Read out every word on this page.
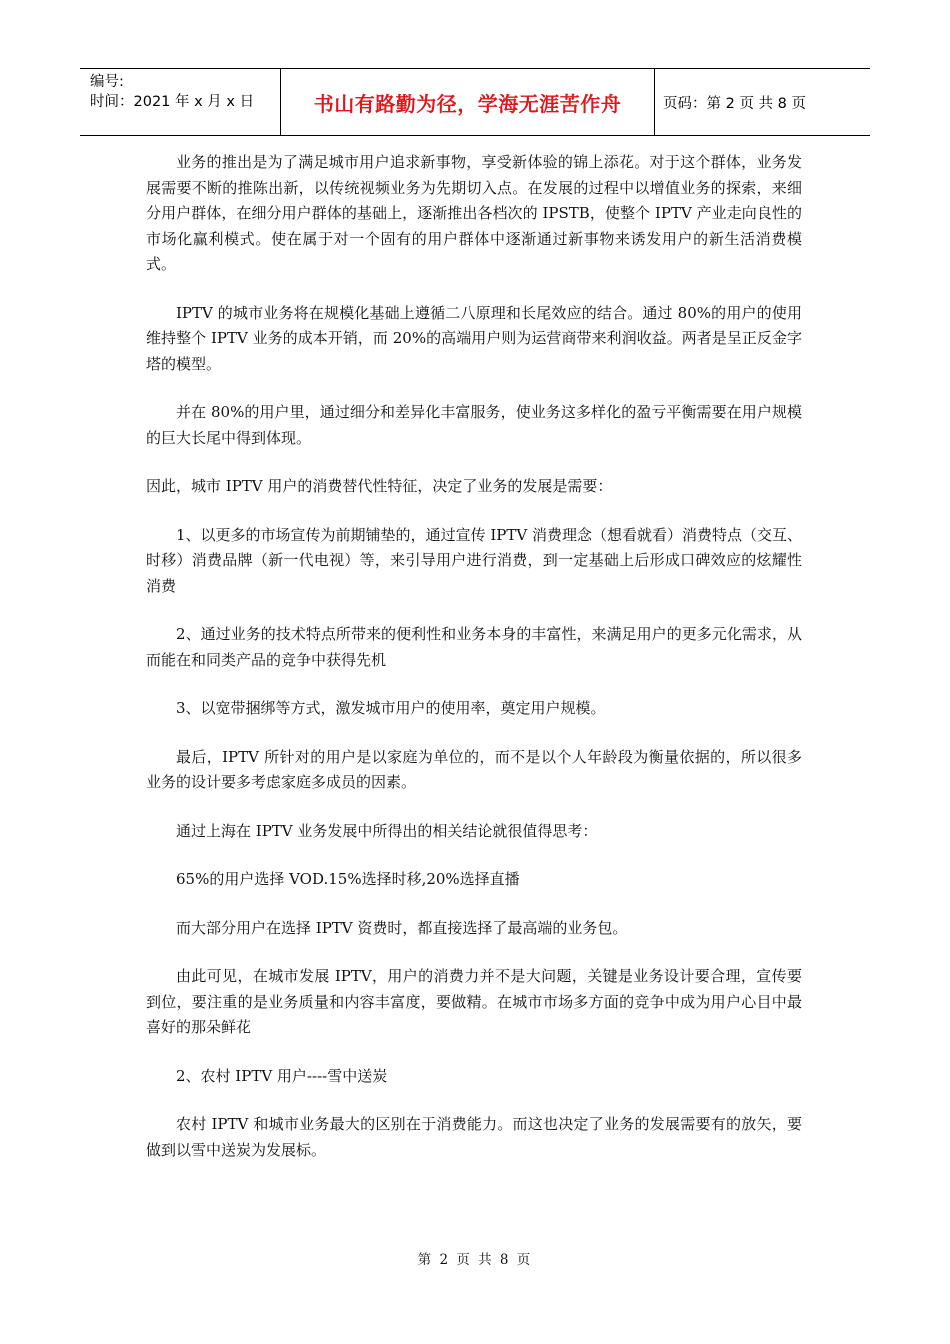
编号:
时间：2021 年 x 月 x 日	书山有路勤为径，学海无涯苦作舟	页码：第 2 页 共 8 页

业务的推出是为了满足城市用户追求新事物，享受新体验的锦上添花。对于这个群体，业务发展需要不断的推陈出新，以传统视频业务为先期切入点。在发展的过程中以增值业务的探索，来细分用户群体，在细分用户群体的基础上，逐渐推出各档次的 IPSTB，使整个 IPTV 产业走向良性的市场化赢利模式。使在属于对一个固有的用户群体中逐渐通过新事物来诱发用户的新生活消费模式。

IPTV 的城市业务将在规模化基础上遵循二八原理和长尾效应的结合。通过 80%的用户的使用维持整个 IPTV 业务的成本开销，而 20%的高端用户则为运营商带来利润收益。两者是呈正反金字塔的模型。

并在 80%的用户里，通过细分和差异化丰富服务，使业务这多样化的盈亏平衡需要在用户规模的巨大长尾中得到体现。

因此，城市 IPTV 用户的消费替代性特征，决定了业务的发展是需要：

1、以更多的市场宣传为前期铺垫的，通过宣传 IPTV 消费理念（想看就看）消费特点（交互、时移）消费品牌（新一代电视）等，来引导用户进行消费，到一定基础上后形成口碑效应的炫耀性消费

2、通过业务的技术特点所带来的便利性和业务本身的丰富性，来满足用户的更多元化需求，从而能在和同类产品的竞争中获得先机

3、以宽带捆绑等方式，激发城市用户的使用率，奠定用户规模。

最后，IPTV 所针对的用户是以家庭为单位的，而不是以个人年龄段为衡量依据的，所以很多业务的设计要多考虑家庭多成员的因素。

通过上海在 IPTV 业务发展中所得出的相关结论就很值得思考：

65%的用户选择 VOD.15%选择时移,20%选择直播

而大部分用户在选择 IPTV 资费时，都直接选择了最高端的业务包。

由此可见，在城市发展 IPTV，用户的消费力并不是大问题，关键是业务设计要合理，宣传要到位，要注重的是业务质量和内容丰富度，要做精。在城市市场多方面的竞争中成为用户心目中最喜好的那朵鲜花

2、农村 IPTV 用户----雪中送炭

农村 IPTV 和城市业务最大的区别在于消费能力。而这也决定了业务的发展需要有的放矢，要做到以雪中送炭为发展标。

第 2 页 共 8 页
